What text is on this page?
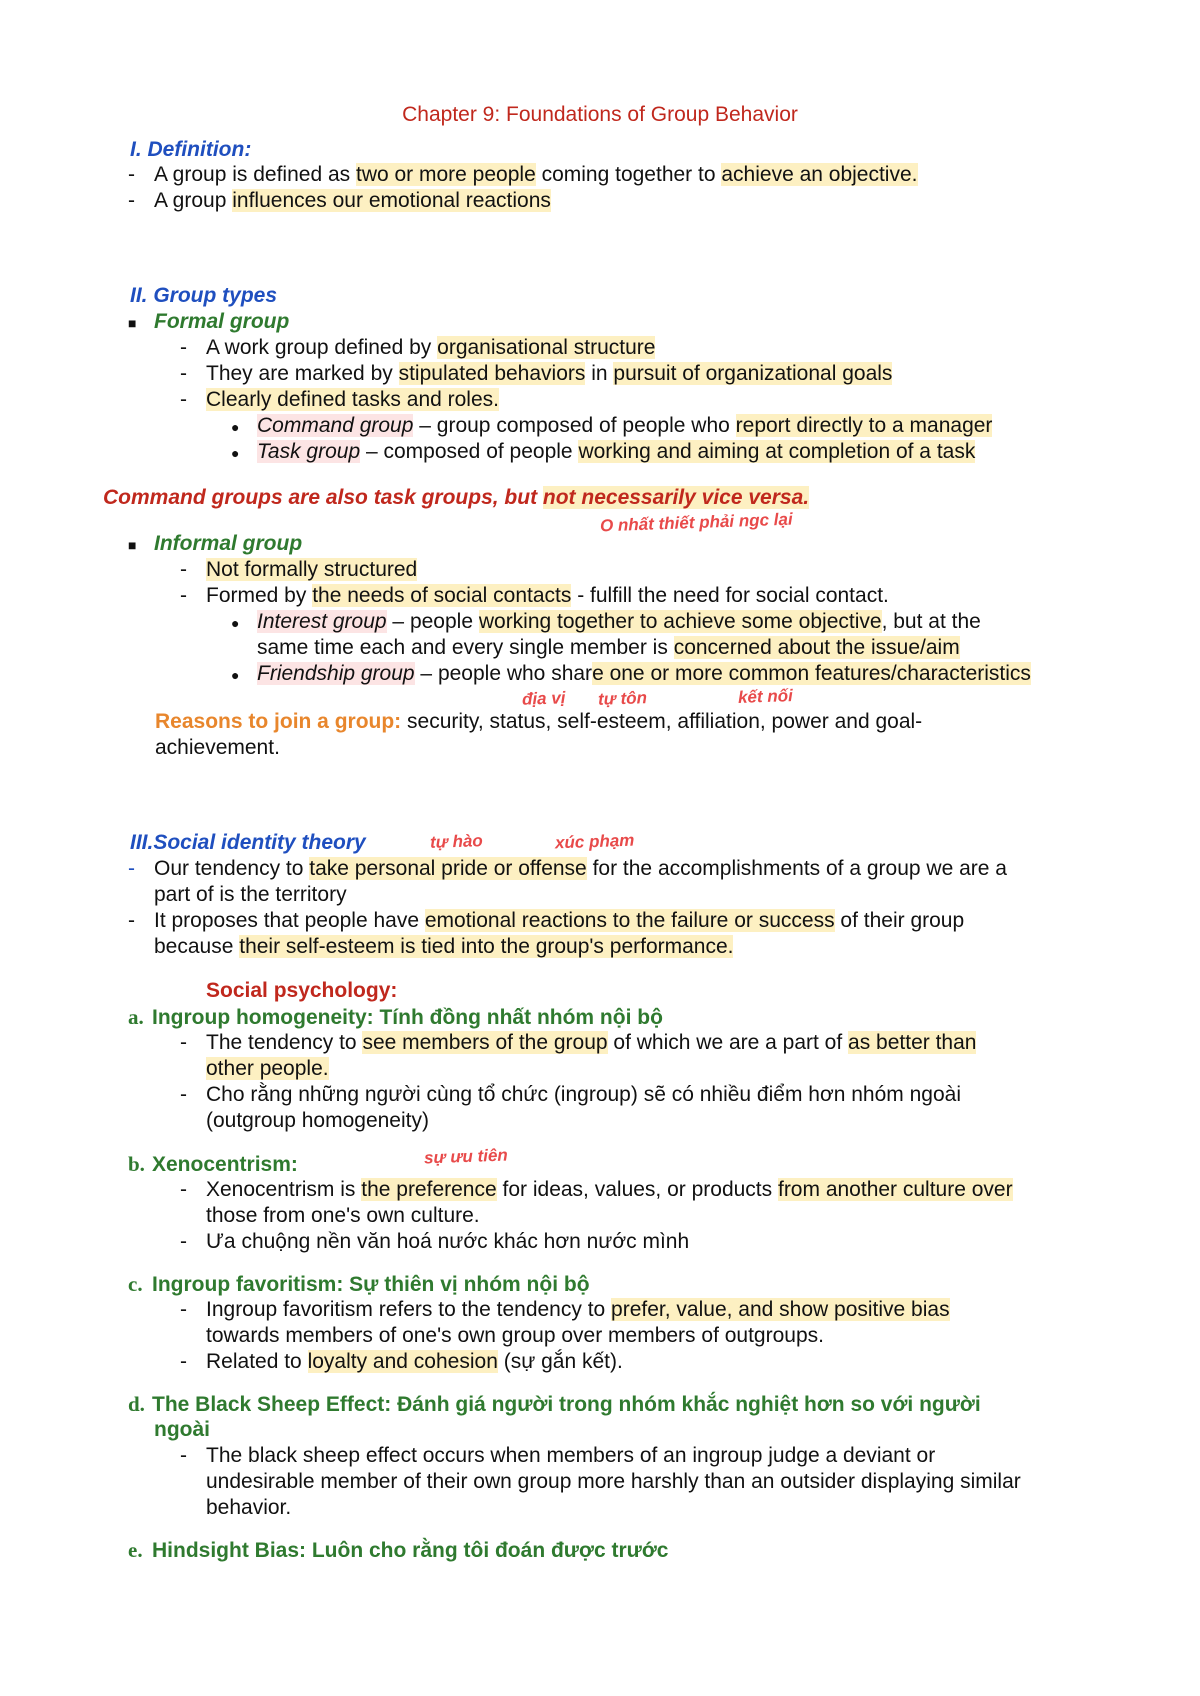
Chapter 9: Foundations of Group Behavior
I. Definition:
- A group is defined as two or more people coming together to achieve an objective.
- A group influences our emotional reactions
II. Group types
■ Formal group
- A work group defined by organisational structure
- They are marked by stipulated behaviors in pursuit of organizational goals
- Clearly defined tasks and roles.
● Command group – group composed of people who report directly to a manager
● Task group – composed of people working and aiming at completion of a task
Command groups are also task groups, but not necessarily vice versa.
O nhất thiết phải ngc lại
■ Informal group
- Not formally structured
- Formed by the needs of social contacts - fulfill the need for social contact.
● Interest group – people working together to achieve some objective, but at the
same time each and every single member is concerned about the issue/aim
● Friendship group – people who share one or more common features/characteristics
địa vị tự tôn	kết nối
Reasons to join a group: security, status, self-esteem, affiliation, power and goal-
achievement.
III.Social identity theory	tự hào	xúc phạm
- Our tendency to take personal pride or offense for the accomplishments of a group we are a
part of is the territory
- It proposes that people have emotional reactions to the failure or success of their group
because their self-esteem is tied into the group's performance.
Social psychology:
a. Ingroup homogeneity: Tính đồng nhất nhóm nội bộ
- The tendency to see members of the group of which we are a part of as better than
other people.
- Cho rằng những người cùng tổ chức (ingroup) sẽ có nhiều điểm hơn nhóm ngoài
(outgroup homogeneity)
b. Xenocentrism:	sự ưu tiên
- Xenocentrism is the preference for ideas, values, or products from another culture over
those from one's own culture.
- Ưa chuộng nền văn hoá nước khác hơn nước mình
c. Ingroup favoritism: Sự thiên vị nhóm nội bộ
- Ingroup favoritism refers to the tendency to prefer, value, and show positive bias
towards members of one's own group over members of outgroups.
- Related to loyalty and cohesion (sự gắn kết).
d. The Black Sheep Effect: Đánh giá người trong nhóm khắc nghiệt hơn so với người
ngoài
- The black sheep effect occurs when members of an ingroup judge a deviant or
undesirable member of their own group more harshly than an outsider displaying similar
behavior.
e. Hindsight Bias: Luôn cho rằng tôi đoán được trước
